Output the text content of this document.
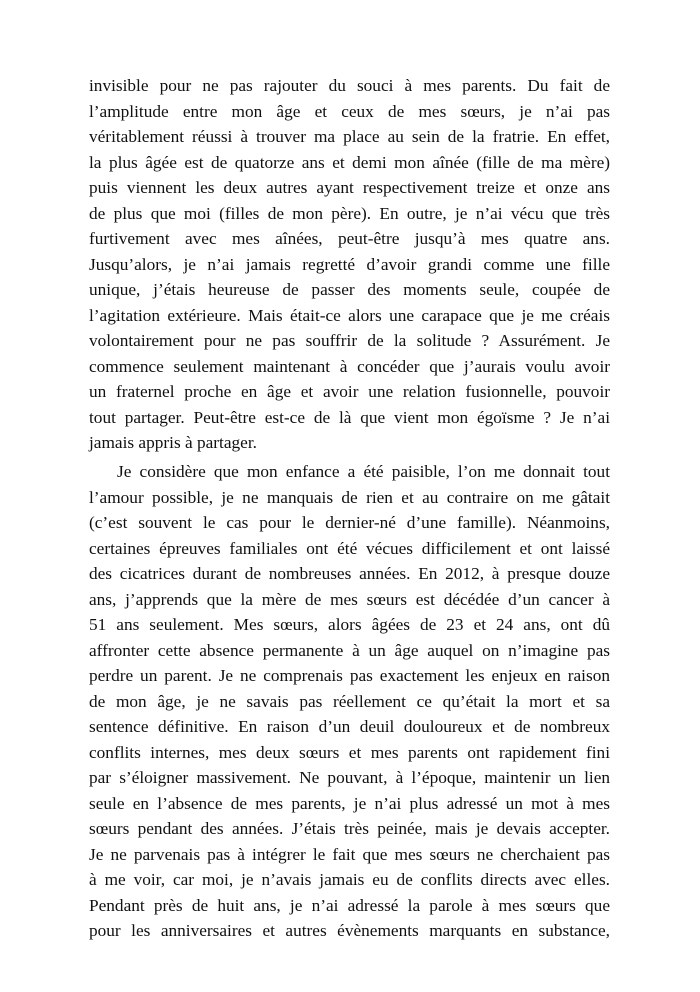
invisible pour ne pas rajouter du souci à mes parents. Du fait de
l’amplitude entre mon âge et ceux de mes sœurs, je n’ai pas
véritablement réussi à trouver ma place au sein de la fratrie. En effet,
la plus âgée est de quatorze ans et demi mon aînée (fille de ma mère)
puis viennent les deux autres ayant respectivement treize et onze ans
de plus que moi (filles de mon père). En outre, je n’ai vécu que très
furtivement avec mes aînées, peut-être jusqu’à mes quatre ans.
Jusqu’alors, je n’ai jamais regretté d’avoir grandi comme une fille
unique, j’étais heureuse de passer des moments seule, coupée de
l’agitation extérieure. Mais était-ce alors une carapace que je me créais
volontairement pour ne pas souffrir de la solitude ? Assurément. Je
commence seulement maintenant à concéder que j’aurais voulu avoir
un fraternel proche en âge et avoir une relation fusionnelle, pouvoir
tout partager. Peut-être est-ce de là que vient mon égoïsme ? Je n’ai
jamais appris à partager.
Je considère que mon enfance a été paisible, l’on me donnait tout
l’amour possible, je ne manquais de rien et au contraire on me gâtait
(c’est souvent le cas pour le dernier-né d’une famille). Néanmoins,
certaines épreuves familiales ont été vécues difficilement et ont laissé
des cicatrices durant de nombreuses années. En 2012, à presque douze
ans, j’apprends que la mère de mes sœurs est décédée d’un cancer à
51 ans seulement. Mes sœurs, alors âgées de 23 et 24 ans, ont dû
affronter cette absence permanente à un âge auquel on n’imagine pas
perdre un parent. Je ne comprenais pas exactement les enjeux en raison
de mon âge, je ne savais pas réellement ce qu’était la mort et sa
sentence définitive. En raison d’un deuil douloureux et de nombreux
conflits internes, mes deux sœurs et mes parents ont rapidement fini
par s’éloigner massivement. Ne pouvant, à l’époque, maintenir un lien
seule en l’absence de mes parents, je n’ai plus adressé un mot à mes
sœurs pendant des années. J’étais très peinée, mais je devais accepter.
Je ne parvenais pas à intégrer le fait que mes sœurs ne cherchaient pas
à me voir, car moi, je n’avais jamais eu de conflits directs avec elles.
Pendant près de huit ans, je n’ai adressé la parole à mes sœurs que
pour les anniversaires et autres évènements marquants en substance,
